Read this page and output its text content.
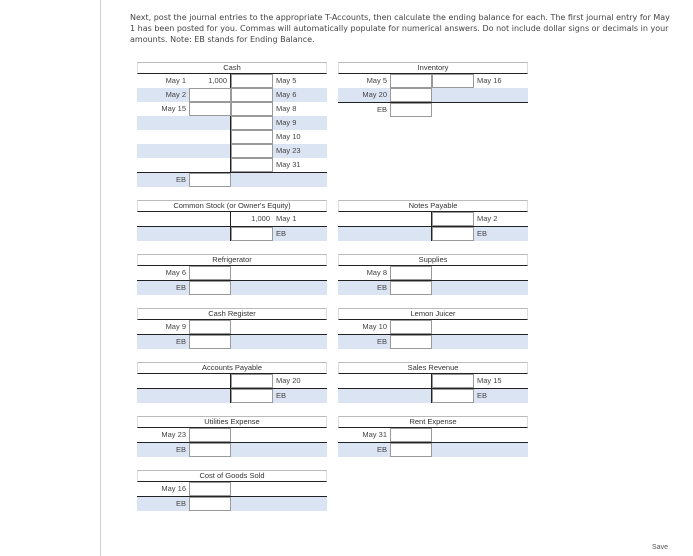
Next, post the journal entries to the appropriate T-Accounts, then calculate the ending balance for each. The first journal entry for May 1 has been posted for you. Commas will automatically populate for numerical answers. Do not include dollar signs or decimals in your amounts. Note: EB stands for Ending Balance.
Cash
May 1	1,000	May 5
May 2	May 6
May 15	May 8
May 9
May 10
May 23
May 31
EB
Inventory
May 5	May 16
May 20
EB
Common Stock (or Owner's Equity)
1,000 May 1
EB
Notes Payable
May 2
EB
Refrigerator
May 6
EB
Supplies
May 8
EB
Cash Register
May 9
EB
Lemon Juicer
May 10
EB
Accounts Payable
May 20
EB
Sales Revenue
May 15
EB
Utilities Expense
May 23
EB
Rent Expense
May 31
EB
Cost of Goods Sold
May 16
EB
Save
